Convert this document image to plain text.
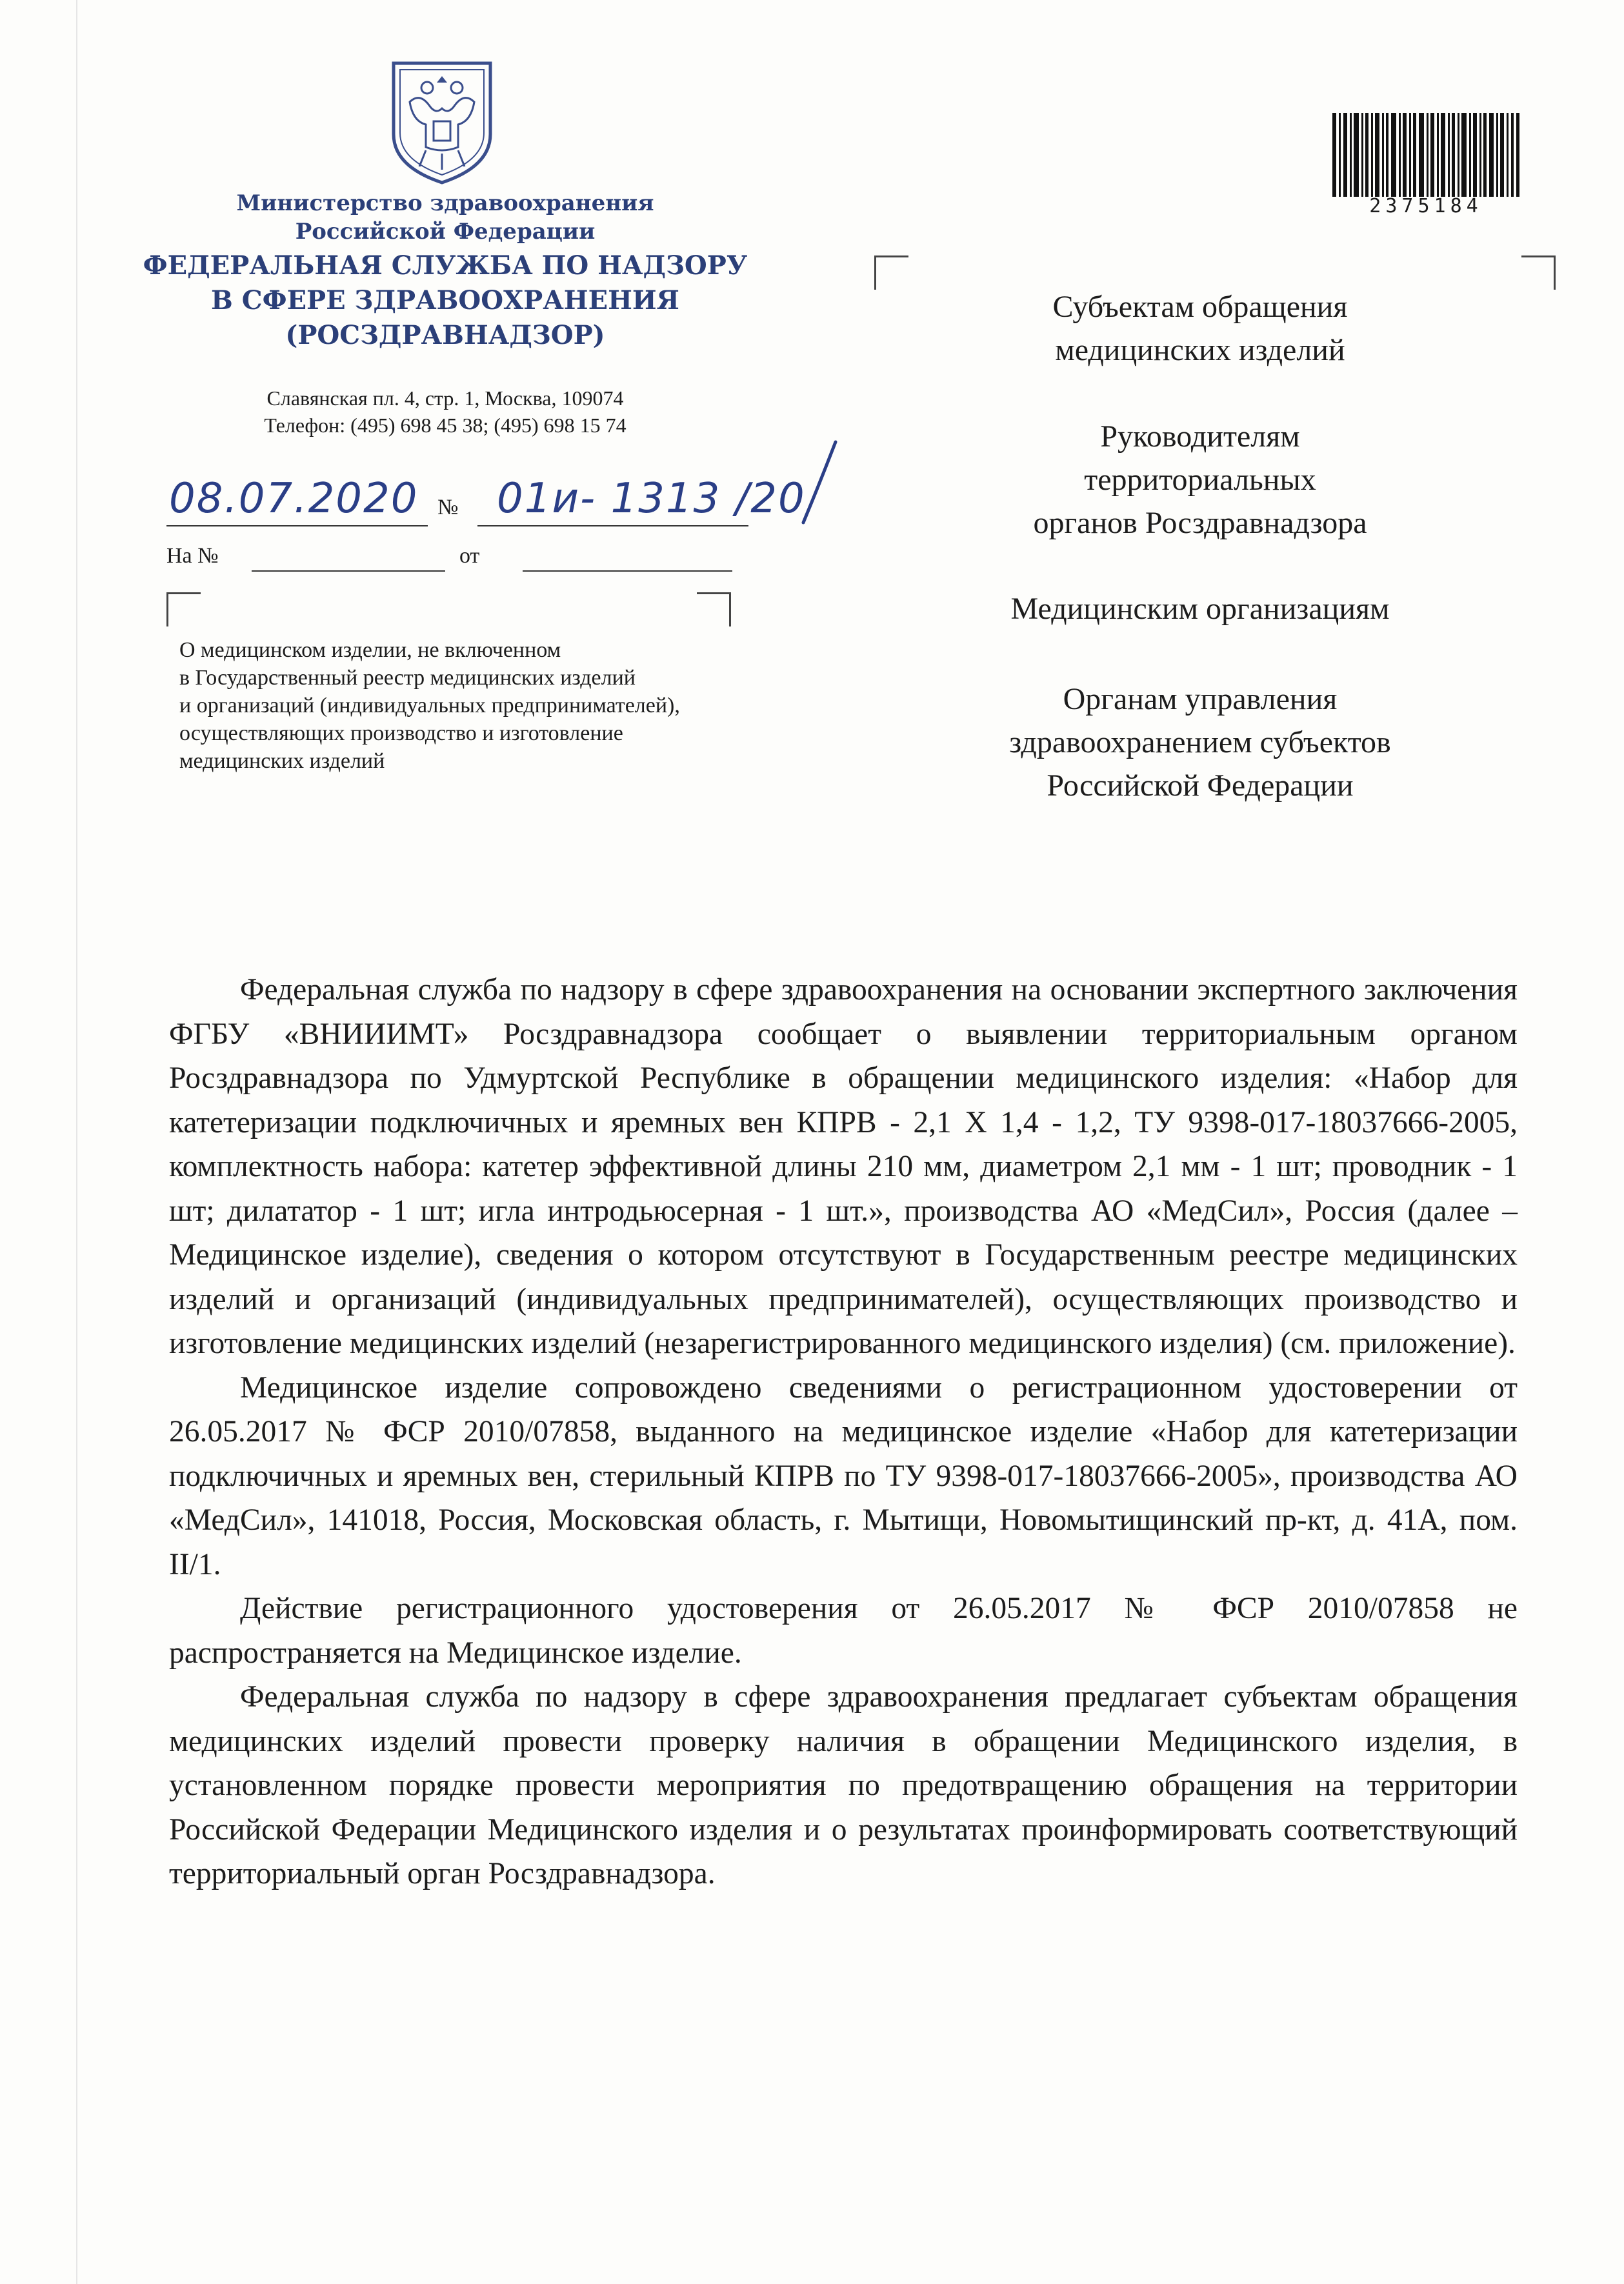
Министерство здравоохранения
Российской Федерации
ФЕДЕРАЛЬНАЯ СЛУЖБА ПО НАДЗОРУ
В СФЕРЕ ЗДРАВООХРАНЕНИЯ
(РОСЗДРАВНАДЗОР)
Славянская пл. 4, стр. 1, Москва, 109074
Телефон: (495) 698 45 38; (495) 698 15 74
08.07.2020 № 01и- 1313 /20
На №	от
О медицинском изделии, не включенном
в Государственный реестр медицинских изделий
и организаций (индивидуальных предпринимателей),
осуществляющих производство и изготовление
медицинских изделий
2375184
Субъектам обращения
медицинских изделий
Руководителям
территориальных
органов Росздравнадзора
Медицинским организациям
Органам управления
здравоохранением субъектов
Российской Федерации

Федеральная служба по надзору в сфере здравоохранения на основании экспертного заключения ФГБУ «ВНИИИМТ» Росздравнадзора сообщает о выявлении территориальным органом Росздравнадзора по Удмуртской Республике в обращении медицинского изделия: «Набор для катетеризации подключичных и яремных вен КПРВ - 2,1 Х 1,4 - 1,2, ТУ 9398-017-18037666-2005, комплектность набора: катетер эффективной длины 210 мм, диаметром 2,1 мм - 1 шт; проводник - 1 шт; дилататор - 1 шт; игла интродьюсерная - 1 шт.», производства АО «МедСил», Россия (далее – Медицинское изделие), сведения о котором отсутствуют в Государственным реестре медицинских изделий и организаций (индивидуальных предпринимателей), осуществляющих производство и изготовление медицинских изделий (незарегистрированного медицинского изделия) (см. приложение).

Медицинское изделие сопровождено сведениями о регистрационном удостоверении от 26.05.2017 № ФСР 2010/07858, выданного на медицинское изделие «Набор для катетеризации подключичных и яремных вен, стерильный КПРВ по ТУ 9398-017-18037666-2005», производства АО «МедСил», 141018, Россия, Московская область, г. Мытищи, Новомытищинский пр-кт, д. 41А, пом. II/1.

Действие регистрационного удостоверения от 26.05.2017 № ФСР 2010/07858 не распространяется на Медицинское изделие.

Федеральная служба по надзору в сфере здравоохранения предлагает субъектам обращения медицинских изделий провести проверку наличия в обращении Медицинского изделия, в установленном порядке провести мероприятия по предотвращению обращения на территории Российской Федерации Медицинского изделия и о результатах проинформировать соответствующий территориальный орган Росздравнадзора.
